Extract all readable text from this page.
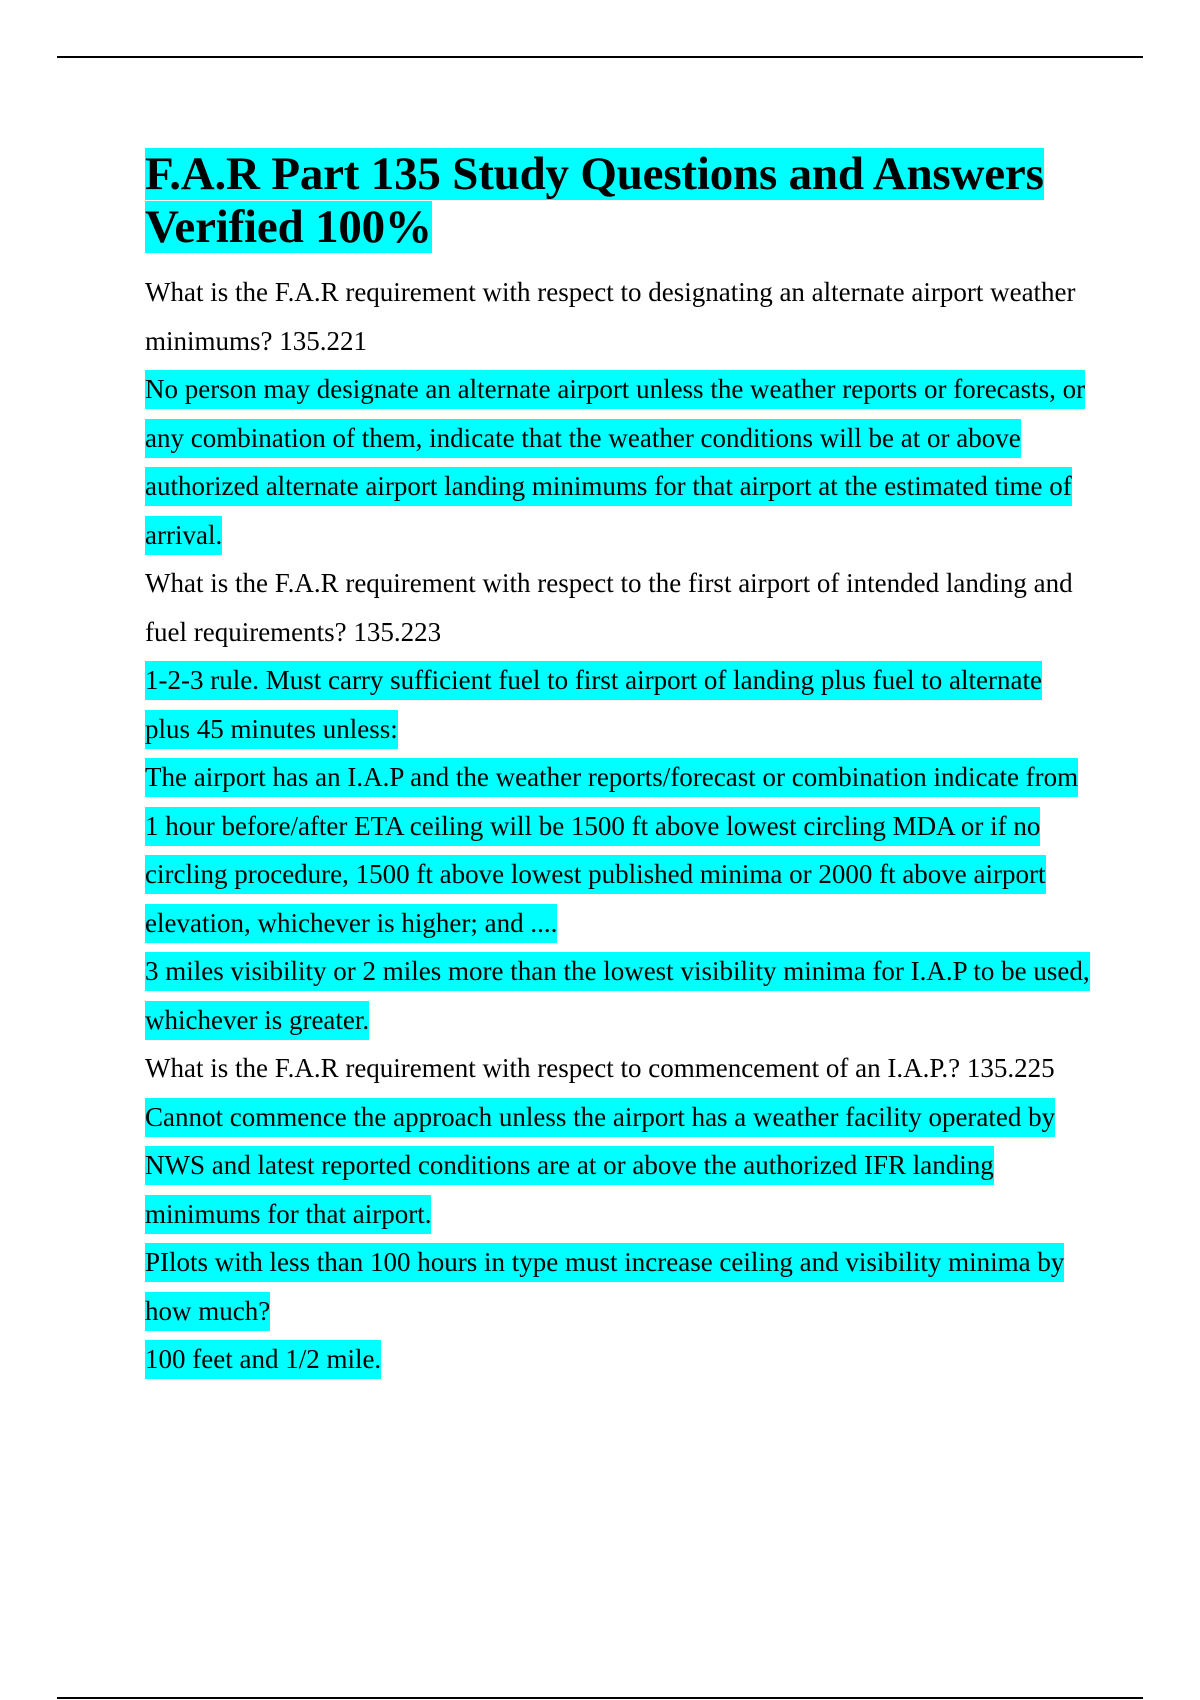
F.A.R Part 135 Study Questions and Answers Verified 100%

What is the F.A.R requirement with respect to designating an alternate airport weather minimums? 135.221

No person may designate an alternate airport unless the weather reports or forecasts, or any combination of them, indicate that the weather conditions will be at or above authorized alternate airport landing minimums for that airport at the estimated time of arrival.

What is the F.A.R requirement with respect to the first airport of intended landing and fuel requirements? 135.223

1-2-3 rule. Must carry sufficient fuel to first airport of landing plus fuel to alternate plus 45 minutes unless:

The airport has an I.A.P and the weather reports/forecast or combination indicate from 1 hour before/after ETA ceiling will be 1500 ft above lowest circling MDA or if no circling procedure, 1500 ft above lowest published minima or 2000 ft above airport elevation, whichever is higher; and ....

3 miles visibility or 2 miles more than the lowest visibility minima for I.A.P to be used, whichever is greater.

What is the F.A.R requirement with respect to commencement of an I.A.P.? 135.225

Cannot commence the approach unless the airport has a weather facility operated by NWS and latest reported conditions are at or above the authorized IFR landing minimums for that airport.

PIlots with less than 100 hours in type must increase ceiling and visibility minima by how much?

100 feet and 1/2 mile.
